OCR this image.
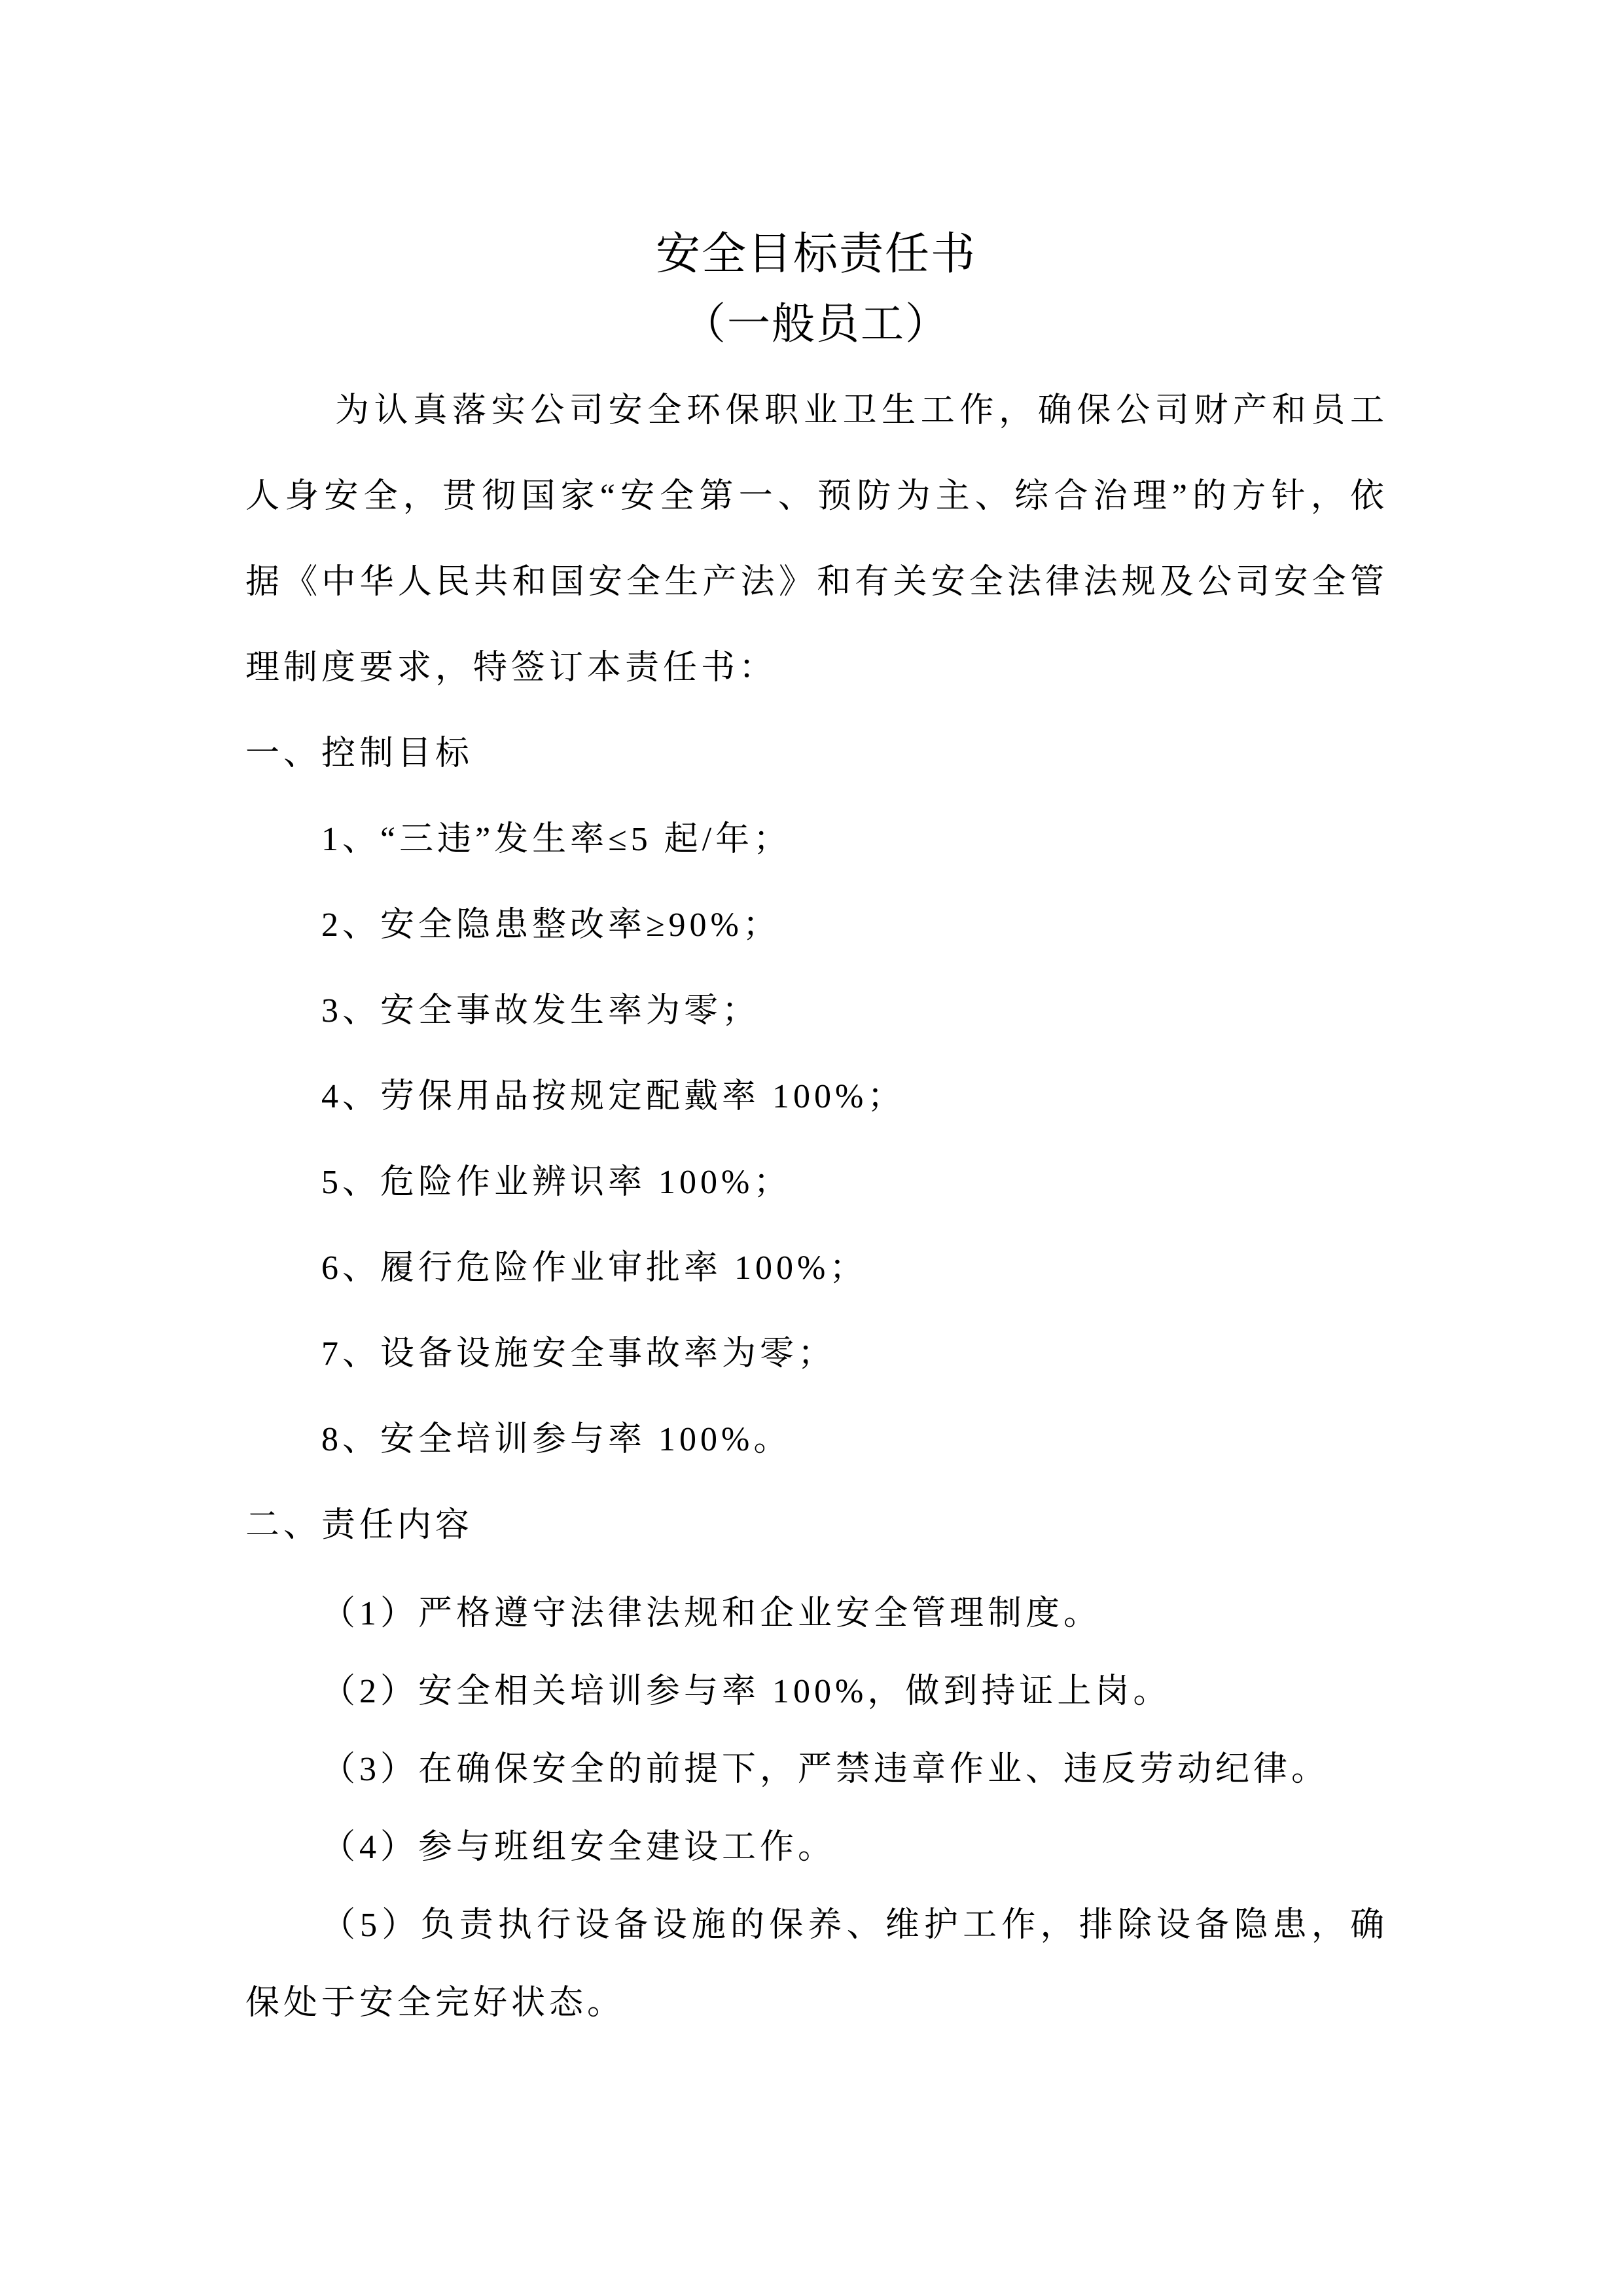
安全目标责任书
（一般员工）
为认真落实公司安全环保职业卫生工作，确保公司财产和员工
人身安全，贯彻国家“安全第一、预防为主、综合治理”的方针，依
据《中华人民共和国安全生产法》和有关安全法律法规及公司安全管
理制度要求，特签订本责任书：
一、控制目标
1、“三违”发生率≤5 起/年；
2、安全隐患整改率≥90%；
3、安全事故发生率为零；
4、劳保用品按规定配戴率 100%；
5、危险作业辨识率 100%；
6、履行危险作业审批率 100%；
7、设备设施安全事故率为零；
8、安全培训参与率 100%。
二、责任内容
（1）严格遵守法律法规和企业安全管理制度。
（2）安全相关培训参与率 100%，做到持证上岗。
（3）在确保安全的前提下，严禁违章作业、违反劳动纪律。
（4）参与班组安全建设工作。
（5）负责执行设备设施的保养、维护工作，排除设备隐患，确
保处于安全完好状态。
